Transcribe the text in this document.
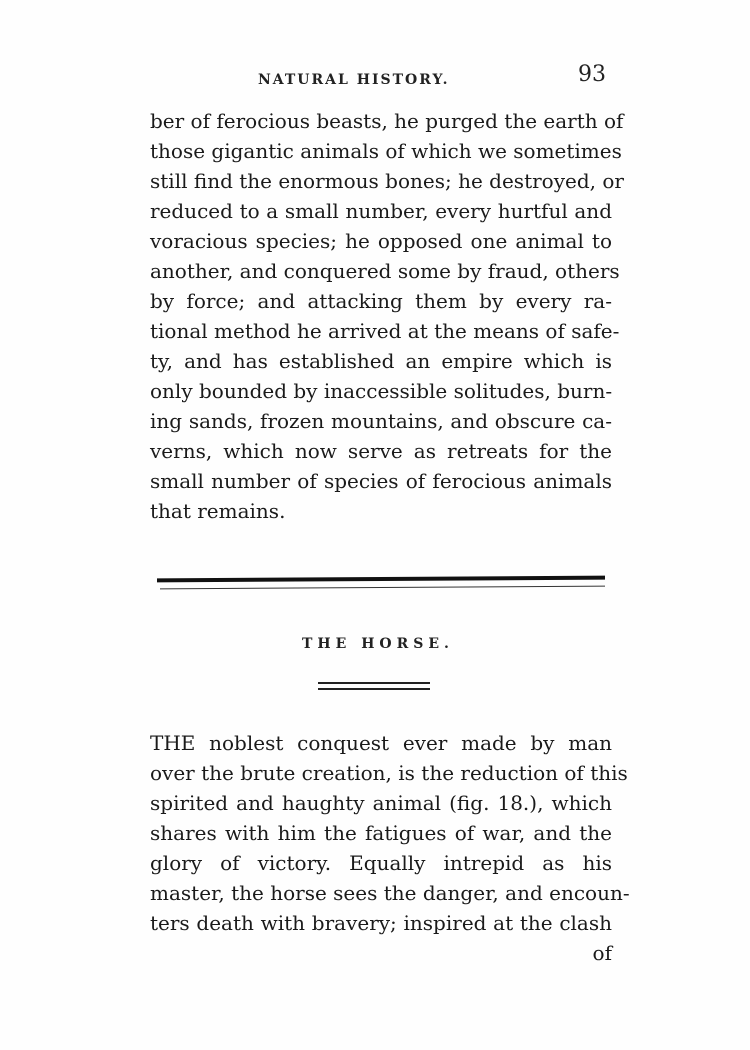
NATURAL HISTORY.	93
ber of ferocious beasts, he purged the earth of
those gigantic animals of which we sometimes
still find the enormous bones; he destroyed, or
reduced to a small number, every hurtful and
voracious species; he opposed one animal to
another, and conquered some by fraud, others
by force; and attacking them by every ra-
tional method he arrived at the means of safe-
ty, and has established an empire which is
only bounded by inaccessible solitudes, burn-
ing sands, frozen mountains, and obscure ca-
verns, which now serve as retreats for the
small number of species of ferocious animals
that remains.
THE HORSE.
THE noblest conquest ever made by man
over the brute creation, is the reduction of this
spirited and haughty animal (fig. 18.), which
shares with him the fatigues of war, and the
glory of victory. Equally intrepid as his
master, the horse sees the danger, and encoun-
ters death with bravery; inspired at the clash
of
